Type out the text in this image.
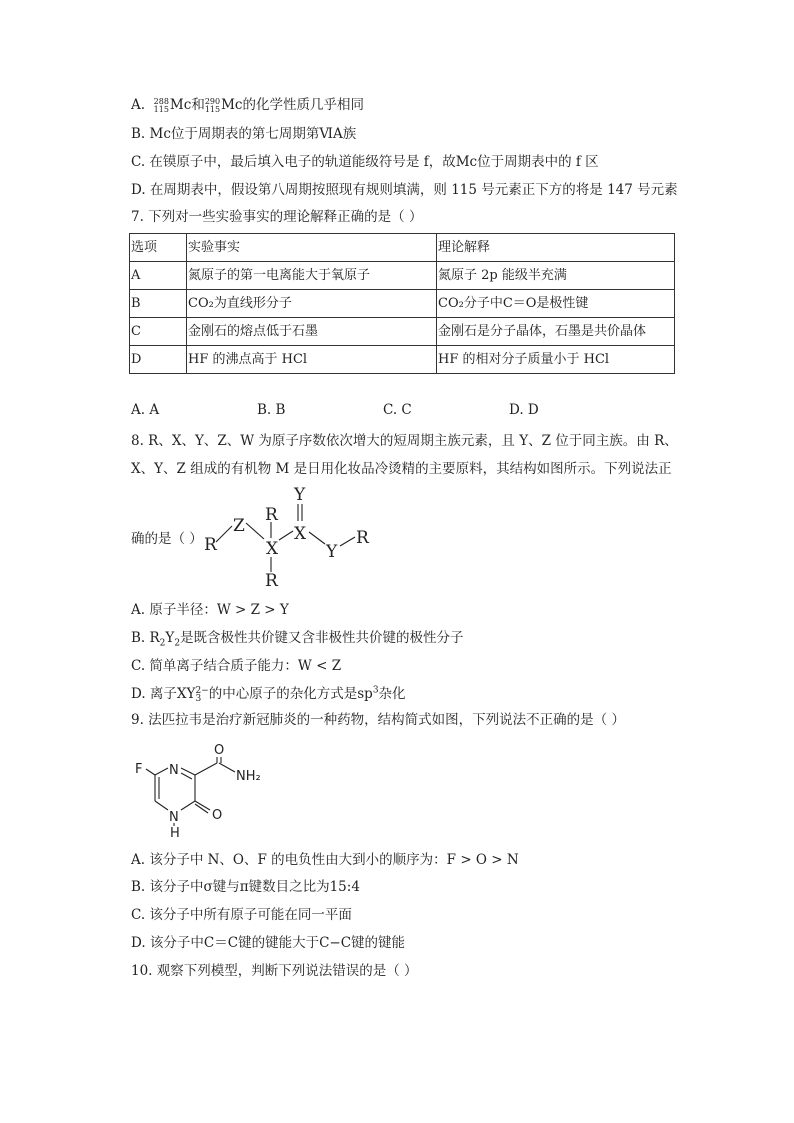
A. 288
115 Mc和 290
115 Mc的化学性质几乎相同
B. Mc位于周期表的第七周期第ⅥA族
C. 在镆原子中，最后填入电子的轨道能级符号是 f，故Mc位于周期表中的 f 区
D. 在周期表中，假设第八周期按照现有规则填满，则 115 号元素正下方的将是 147 号元素
7. 下列对一些实验事实的理论解释正确的是（ ）
选项	实验事实	理论解释
A	氮原子的第一电离能大于氧原子	氮原子 2p 能级半充满
B	CO₂为直线形分子	CO₂分子中C＝O是极性键
C	金刚石的熔点低于石墨	金刚石是分子晶体，石墨是共价晶体
D	HF 的沸点高于 HCl	HF 的相对分子质量小于 HCl
A. A	B. B	C. C	D. D
8. R、X、Y、Z、W 为原子序数依次增大的短周期主族元素，且 Y、Z 位于同主族。由 R、
X、Y、Z 组成的有机物 M 是日用化妆品冷烫精的主要原料，其结构如图所示。下列说法正
确的是（ ） R
Z
R
X
R
X
Y
Y
R
A. 原子半径：W > Z > Y
B. $R_2Y_2$是既含极性共价键又含非极性共价键的极性分子
C. 简单离子结合质子能力：W < Z
D. 离子XY 2−
3 的中心原子的杂化方式是$sp^3$杂化
9. 法匹拉韦是治疗新冠肺炎的一种药物，结构简式如图，下列说法不正确的是（ ）
F N
O
NH₂
N
H
O
A. 该分子中 N、O、F 的电负性由大到小的顺序为：F > O > N
B. 该分子中σ键与π键数目之比为15:4
C. 该分子中所有原子可能在同一平面
D. 该分子中C＝C键的键能大于C−C键的键能
10. 观察下列模型，判断下列说法错误的是（ ）
